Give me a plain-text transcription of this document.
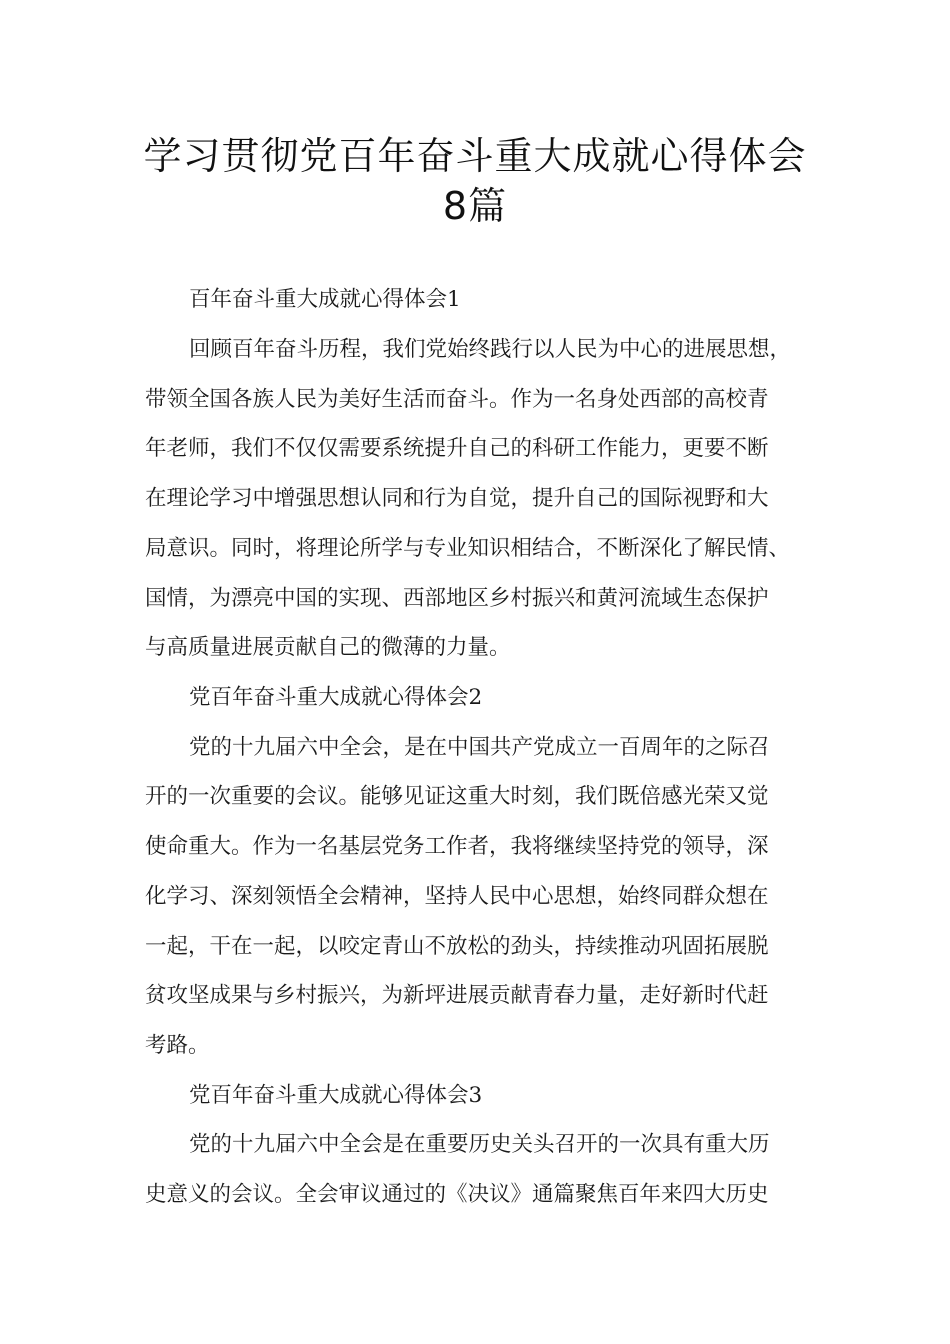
学习贯彻党百年奋斗重大成就心得体会
8篇
百年奋斗重大成就心得体会1
回顾百年奋斗历程，我们党始终践行以人民为中心的进展思想，
带领全国各族人民为美好生活而奋斗。作为一名身处西部的高校青
年老师，我们不仅仅需要系统提升自己的科研工作能力，更要不断
在理论学习中增强思想认同和行为自觉，提升自己的国际视野和大
局意识。同时，将理论所学与专业知识相结合，不断深化了解民情、
国情，为漂亮中国的实现、西部地区乡村振兴和黄河流域生态保护
与高质量进展贡献自己的微薄的力量。
党百年奋斗重大成就心得体会2
党的十九届六中全会，是在中国共产党成立一百周年的之际召
开的一次重要的会议。能够见证这重大时刻，我们既倍感光荣又觉
使命重大。作为一名基层党务工作者，我将继续坚持党的领导，深
化学习、深刻领悟全会精神，坚持人民中心思想，始终同群众想在
一起，干在一起，以咬定青山不放松的劲头，持续推动巩固拓展脱
贫攻坚成果与乡村振兴，为新坪进展贡献青春力量，走好新时代赶
考路。
党百年奋斗重大成就心得体会3
党的十九届六中全会是在重要历史关头召开的一次具有重大历
史意义的会议。全会审议通过的《决议》通篇聚焦百年来四大历史
